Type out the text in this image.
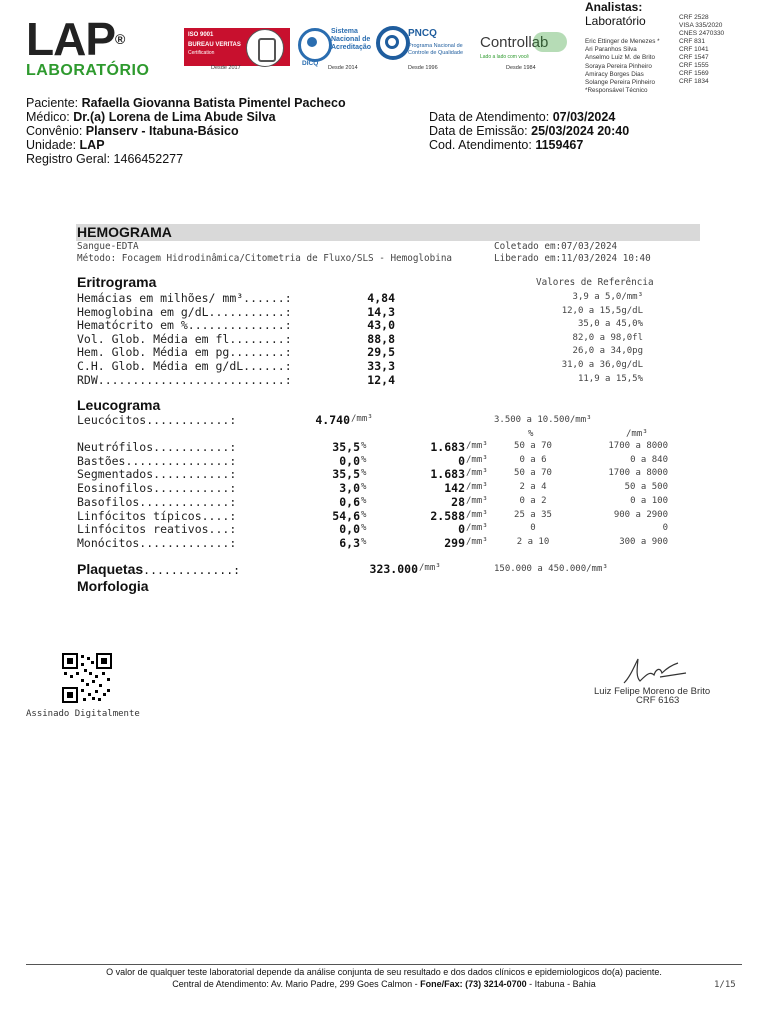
LAP®
LABORATÓRIO
ISO 9001
BUREAU VERITAS
Certification
Desde 2017
Sistema Nacional de Acreditação
DICQ
Desde 2014
PNCQ
Programa Nacional de Controle de Qualidade
Desde 1996
Controllab
Lado a lado com você
Desde 1984
Analistas:
Laboratório	CRF 2528
VISA 335/2020
CNES 2470330
CRF 831
CRF 1041
CRF 1547
CRF 1555
CRF 1569
CRF 1834
Eric Ettinger de Menezes *
Ari Paranhos Silva
Anselmo Luiz M. de Brito
Soraya Pereira Pinheiro
Amiracy Borges Dias
Solange Pereira Pinheiro
*Responsável Técnico
Paciente: Rafaella Giovanna Batista Pimentel Pacheco
Médico: Dr.(a) Lorena de Lima Abude Silva
Convênio: Planserv - Itabuna-Básico
Unidade: LAP
Registro Geral: 1466452277
Data de Atendimento: 07/03/2024
Data de Emissão: 25/03/2024 20:40
Cod. Atendimento: 1159467
HEMOGRAMA
Sangue-EDTA
Método: Focagem Hidrodinâmica/Citometria de Fluxo/SLS - Hemoglobina
Coletado em:07/03/2024
Liberado em:11/03/2024 10:40
Eritrograma	Valores de Referência
Hemácias em milhões/ mm³......:	4,84	3,9 a 5,0/mm³
Hemoglobina em g/dL...........:	14,3	12,0 a 15,5g/dL
Hematócrito em %..............:	43,0	35,0 a 45,0%
Vol. Glob. Média em fl........:	88,8	82,0 a 98,0fl
Hem. Glob. Média em pg........:	29,5	26,0 a 34,0pg
C.H. Glob. Média em g/dL......:	33,3	31,0 a 36,0g/dL
RDW...........................:	12,4	11,9 a 15,5%
Leucograma
Leucócitos............:	4.740 /mm³	3.500 a 10.500/mm³
%	/mm³
Neutrófilos...........:	35,5 %	1.683 /mm³	50 a 70	1700 a 8000
Bastões...............:	0,0 %	0 /mm³	0 a 6	0 a 840
Segmentados...........:	35,5 %	1.683 /mm³	50 a 70	1700 a 8000
Eosinofilos...........:	3,0 %	142 /mm³	2 a 4	50 a 500
Basofilos.............:	0,6 %	28 /mm³	0 a 2	0 a 100
Linfócitos típicos....:	54,6 %	2.588 /mm³	25 a 35	900 a 2900
Linfócitos reativos...:	0,0 %	0 /mm³	0	0
Monócitos.............:	6,3 %	299 /mm³	2 a 10	300 a 900
Plaquetas.............:	323.000 /mm³	150.000 a 450.000/mm³
Morfologia
Assinado Digitalmente
Luiz Felipe Moreno de Brito
CRF 6163
O valor de qualquer teste laboratorial depende da análise conjunta de seu resultado e dos dados clínicos e epidemiologicos do(a) paciente.
Central de Atendimento: Av. Mario Padre, 299 Goes Calmon - Fone/Fax: (73) 3214-0700 - Itabuna - Bahia	1/15
